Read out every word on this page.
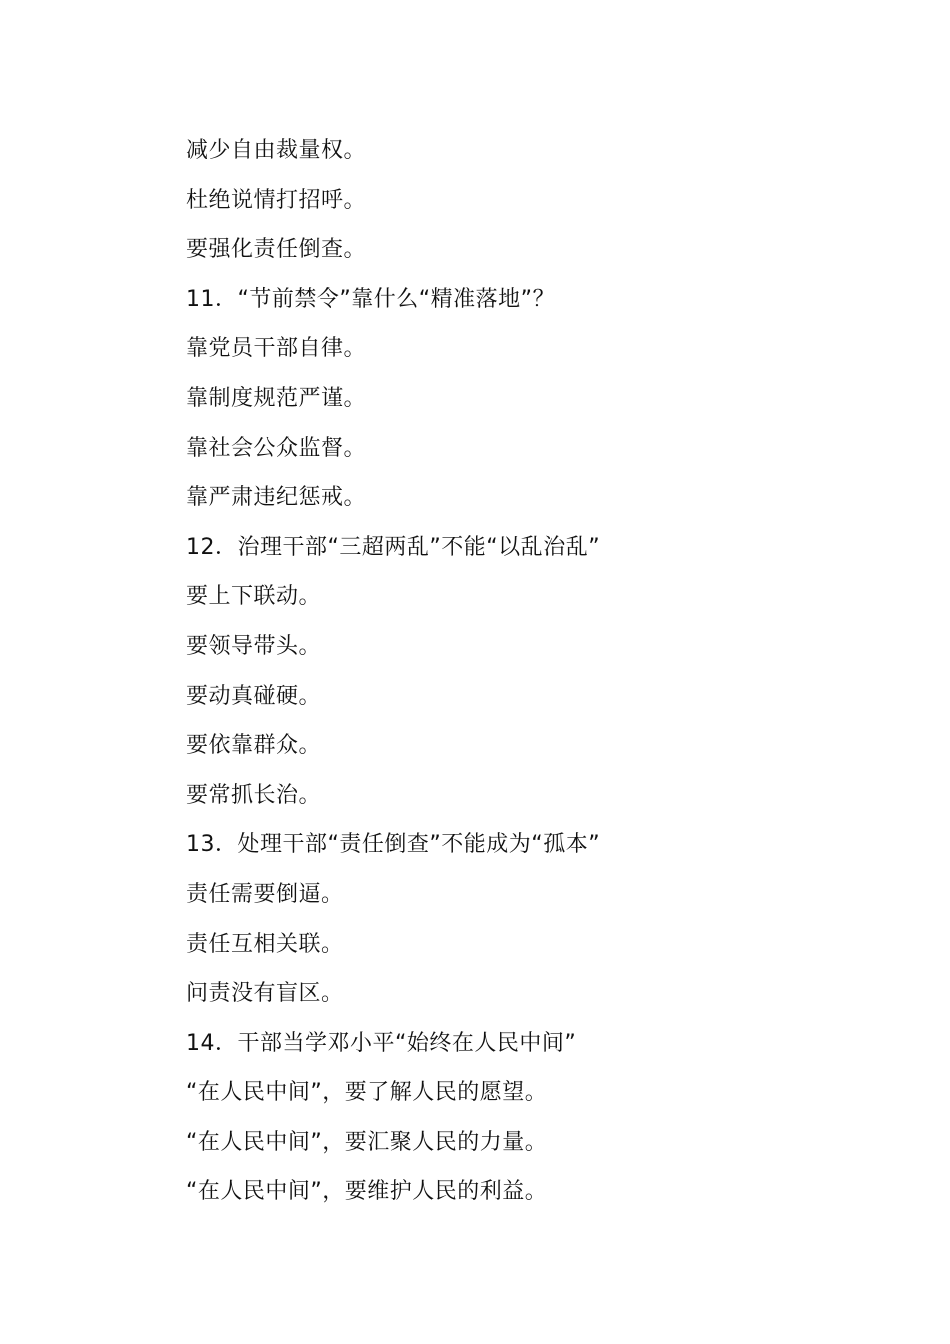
减少自由裁量权。
杜绝说情打招呼。
要强化责任倒查。
11．“节前禁令”靠什么“精准落地”？
靠党员干部自律。
靠制度规范严谨。
靠社会公众监督。
靠严肃违纪惩戒。
12．治理干部“三超两乱”不能“以乱治乱”
要上下联动。
要领导带头。
要动真碰硬。
要依靠群众。
要常抓长治。
13．处理干部“责任倒查”不能成为“孤本”
责任需要倒逼。
责任互相关联。
问责没有盲区。
14．干部当学邓小平“始终在人民中间”
“在人民中间”，要了解人民的愿望。
“在人民中间”，要汇聚人民的力量。
“在人民中间”，要维护人民的利益。
